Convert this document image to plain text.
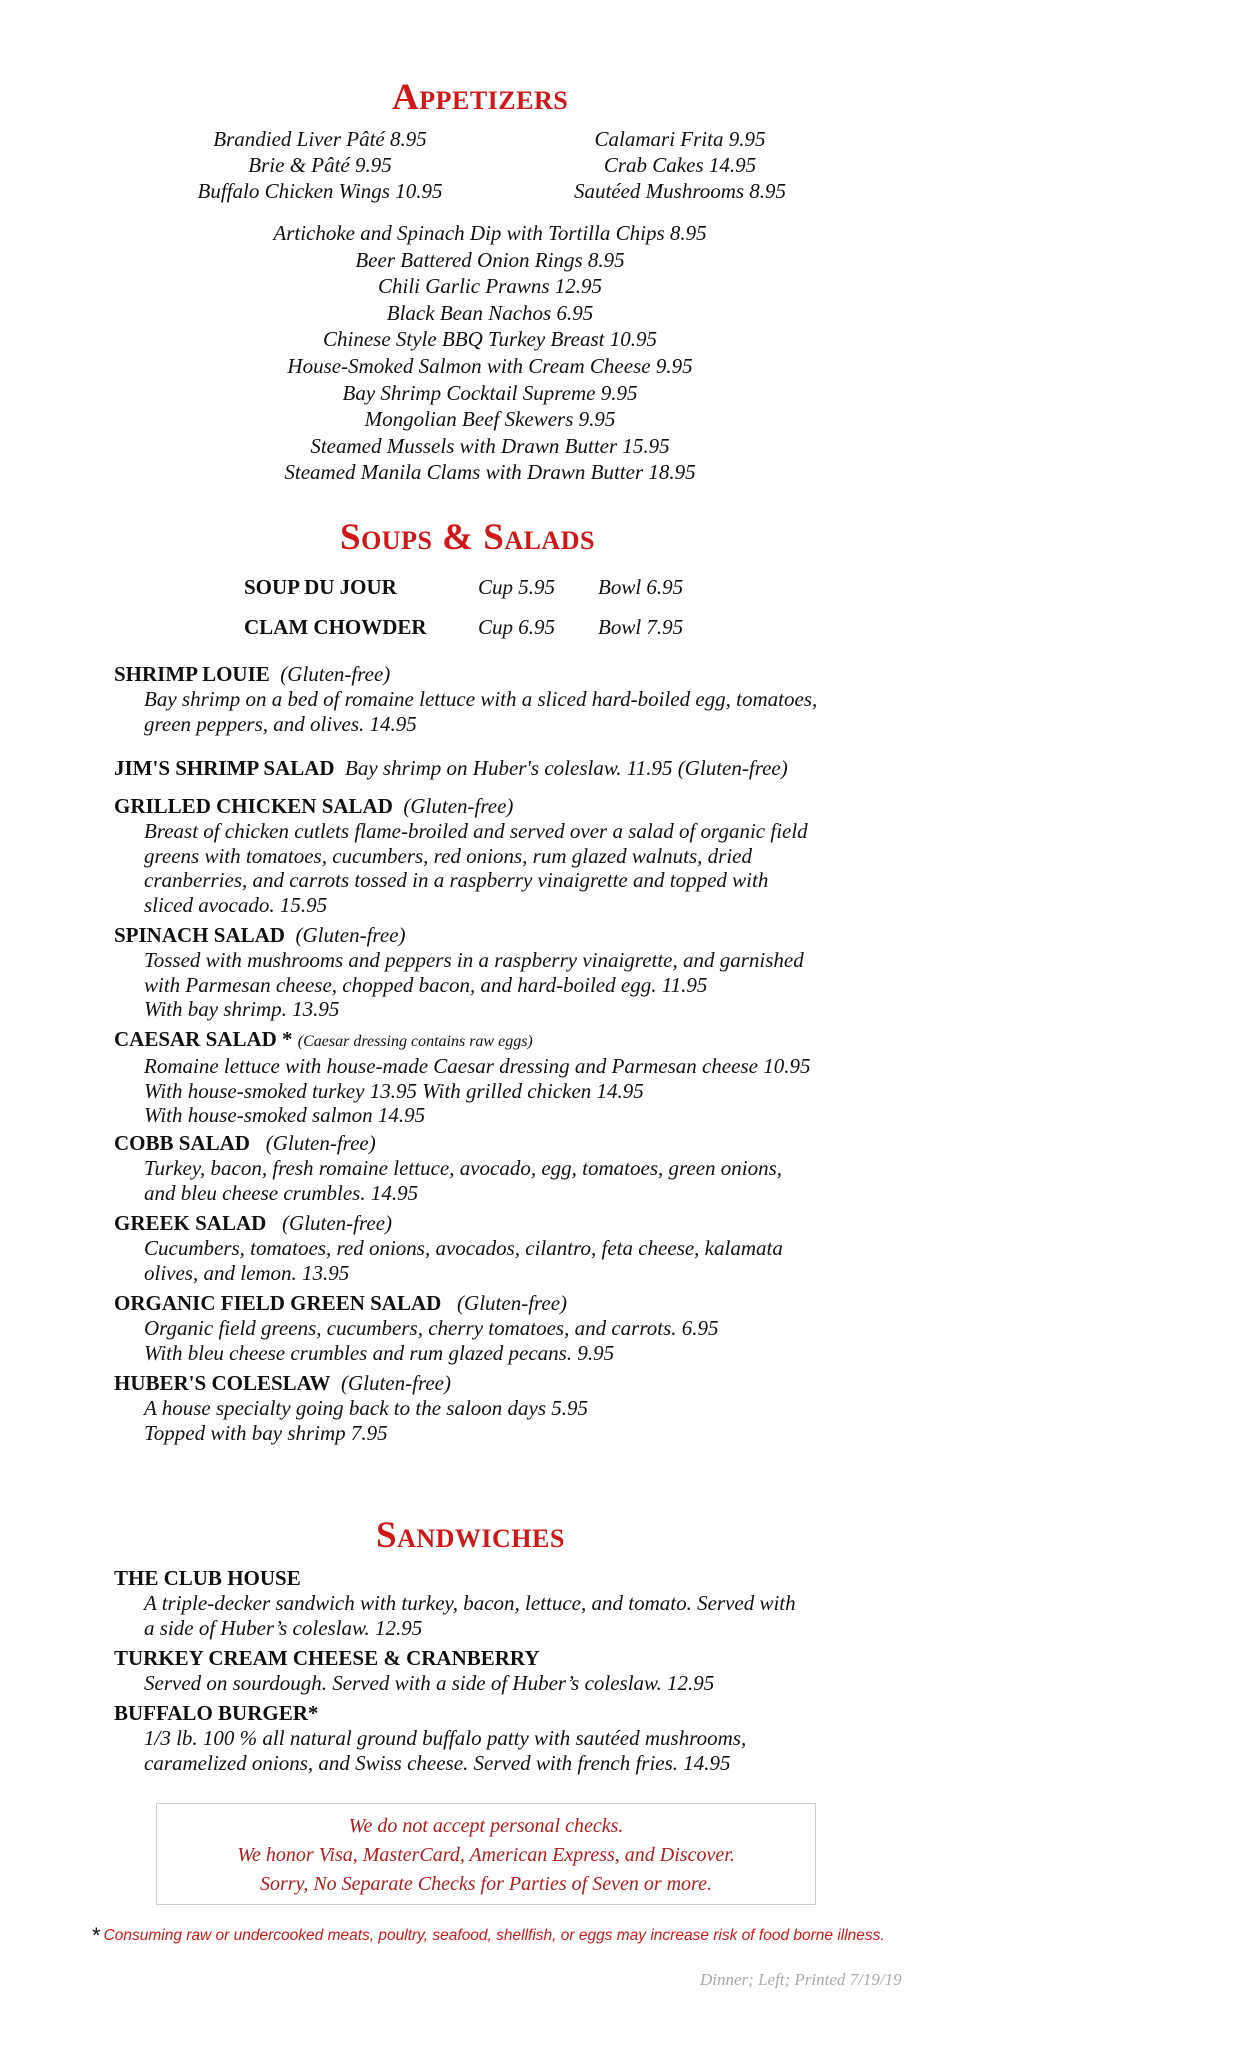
Appetizers
Brandied Liver Pâté 8.95
Brie & Pâté 9.95
Buffalo Chicken Wings 10.95
Calamari Frita 9.95
Crab Cakes 14.95
Sautéed Mushrooms 8.95
Artichoke and Spinach Dip with Tortilla Chips 8.95
Beer Battered Onion Rings 8.95
Chili Garlic Prawns 12.95
Black Bean Nachos 6.95
Chinese Style BBQ Turkey Breast 10.95
House-Smoked Salmon with Cream Cheese 9.95
Bay Shrimp Cocktail Supreme 9.95
Mongolian Beef Skewers 9.95
Steamed Mussels with Drawn Butter 15.95
Steamed Manila Clams with Drawn Butter 18.95
Soups & Salads
SOUP DU JOUR	Cup 5.95 Bowl 6.95
CLAM CHOWDER Cup 6.95 Bowl 7.95
SHRIMP LOUIE (Gluten-free)
Bay shrimp on a bed of romaine lettuce with a sliced hard-boiled egg, tomatoes,
green peppers, and olives. 14.95
JIM'S SHRIMP SALAD Bay shrimp on Huber's coleslaw. 11.95 (Gluten-free)
GRILLED CHICKEN SALAD (Gluten-free)
Breast of chicken cutlets flame-broiled and served over a salad of organic field
greens with tomatoes, cucumbers, red onions, rum glazed walnuts, dried
cranberries, and carrots tossed in a raspberry vinaigrette and topped with
sliced avocado. 15.95
SPINACH SALAD (Gluten-free)
Tossed with mushrooms and peppers in a raspberry vinaigrette, and garnished
with Parmesan cheese, chopped bacon, and hard-boiled egg. 11.95
With bay shrimp. 13.95
CAESAR SALAD * (Caesar dressing contains raw eggs)
Romaine lettuce with house-made Caesar dressing and Parmesan cheese 10.95
With house-smoked turkey 13.95 With grilled chicken 14.95
With house-smoked salmon 14.95
COBB SALAD (Gluten-free)
Turkey, bacon, fresh romaine lettuce, avocado, egg, tomatoes, green onions,
and bleu cheese crumbles. 14.95
GREEK SALAD (Gluten-free)
Cucumbers, tomatoes, red onions, avocados, cilantro, feta cheese, kalamata
olives, and lemon. 13.95
ORGANIC FIELD GREEN SALAD (Gluten-free)
Organic field greens, cucumbers, cherry tomatoes, and carrots. 6.95
With bleu cheese crumbles and rum glazed pecans. 9.95
HUBER'S COLESLAW (Gluten-free)
A house specialty going back to the saloon days 5.95
Topped with bay shrimp 7.95
Sandwiches
THE CLUB HOUSE
A triple-decker sandwich with turkey, bacon, lettuce, and tomato. Served with
a side of Huber’s coleslaw. 12.95
TURKEY CREAM CHEESE & CRANBERRY
Served on sourdough. Served with a side of Huber’s coleslaw. 12.95
BUFFALO BURGER*
1/3 lb. 100 % all natural ground buffalo patty with sautéed mushrooms,
caramelized onions, and Swiss cheese. Served with french fries. 14.95
We do not accept personal checks.
We honor Visa, MasterCard, American Express, and Discover.
Sorry, No Separate Checks for Parties of Seven or more.
* Consuming raw or undercooked meats, poultry, seafood, shellfish, or eggs may increase risk of food borne illness.
Dinner; Left; Printed 7/19/19
